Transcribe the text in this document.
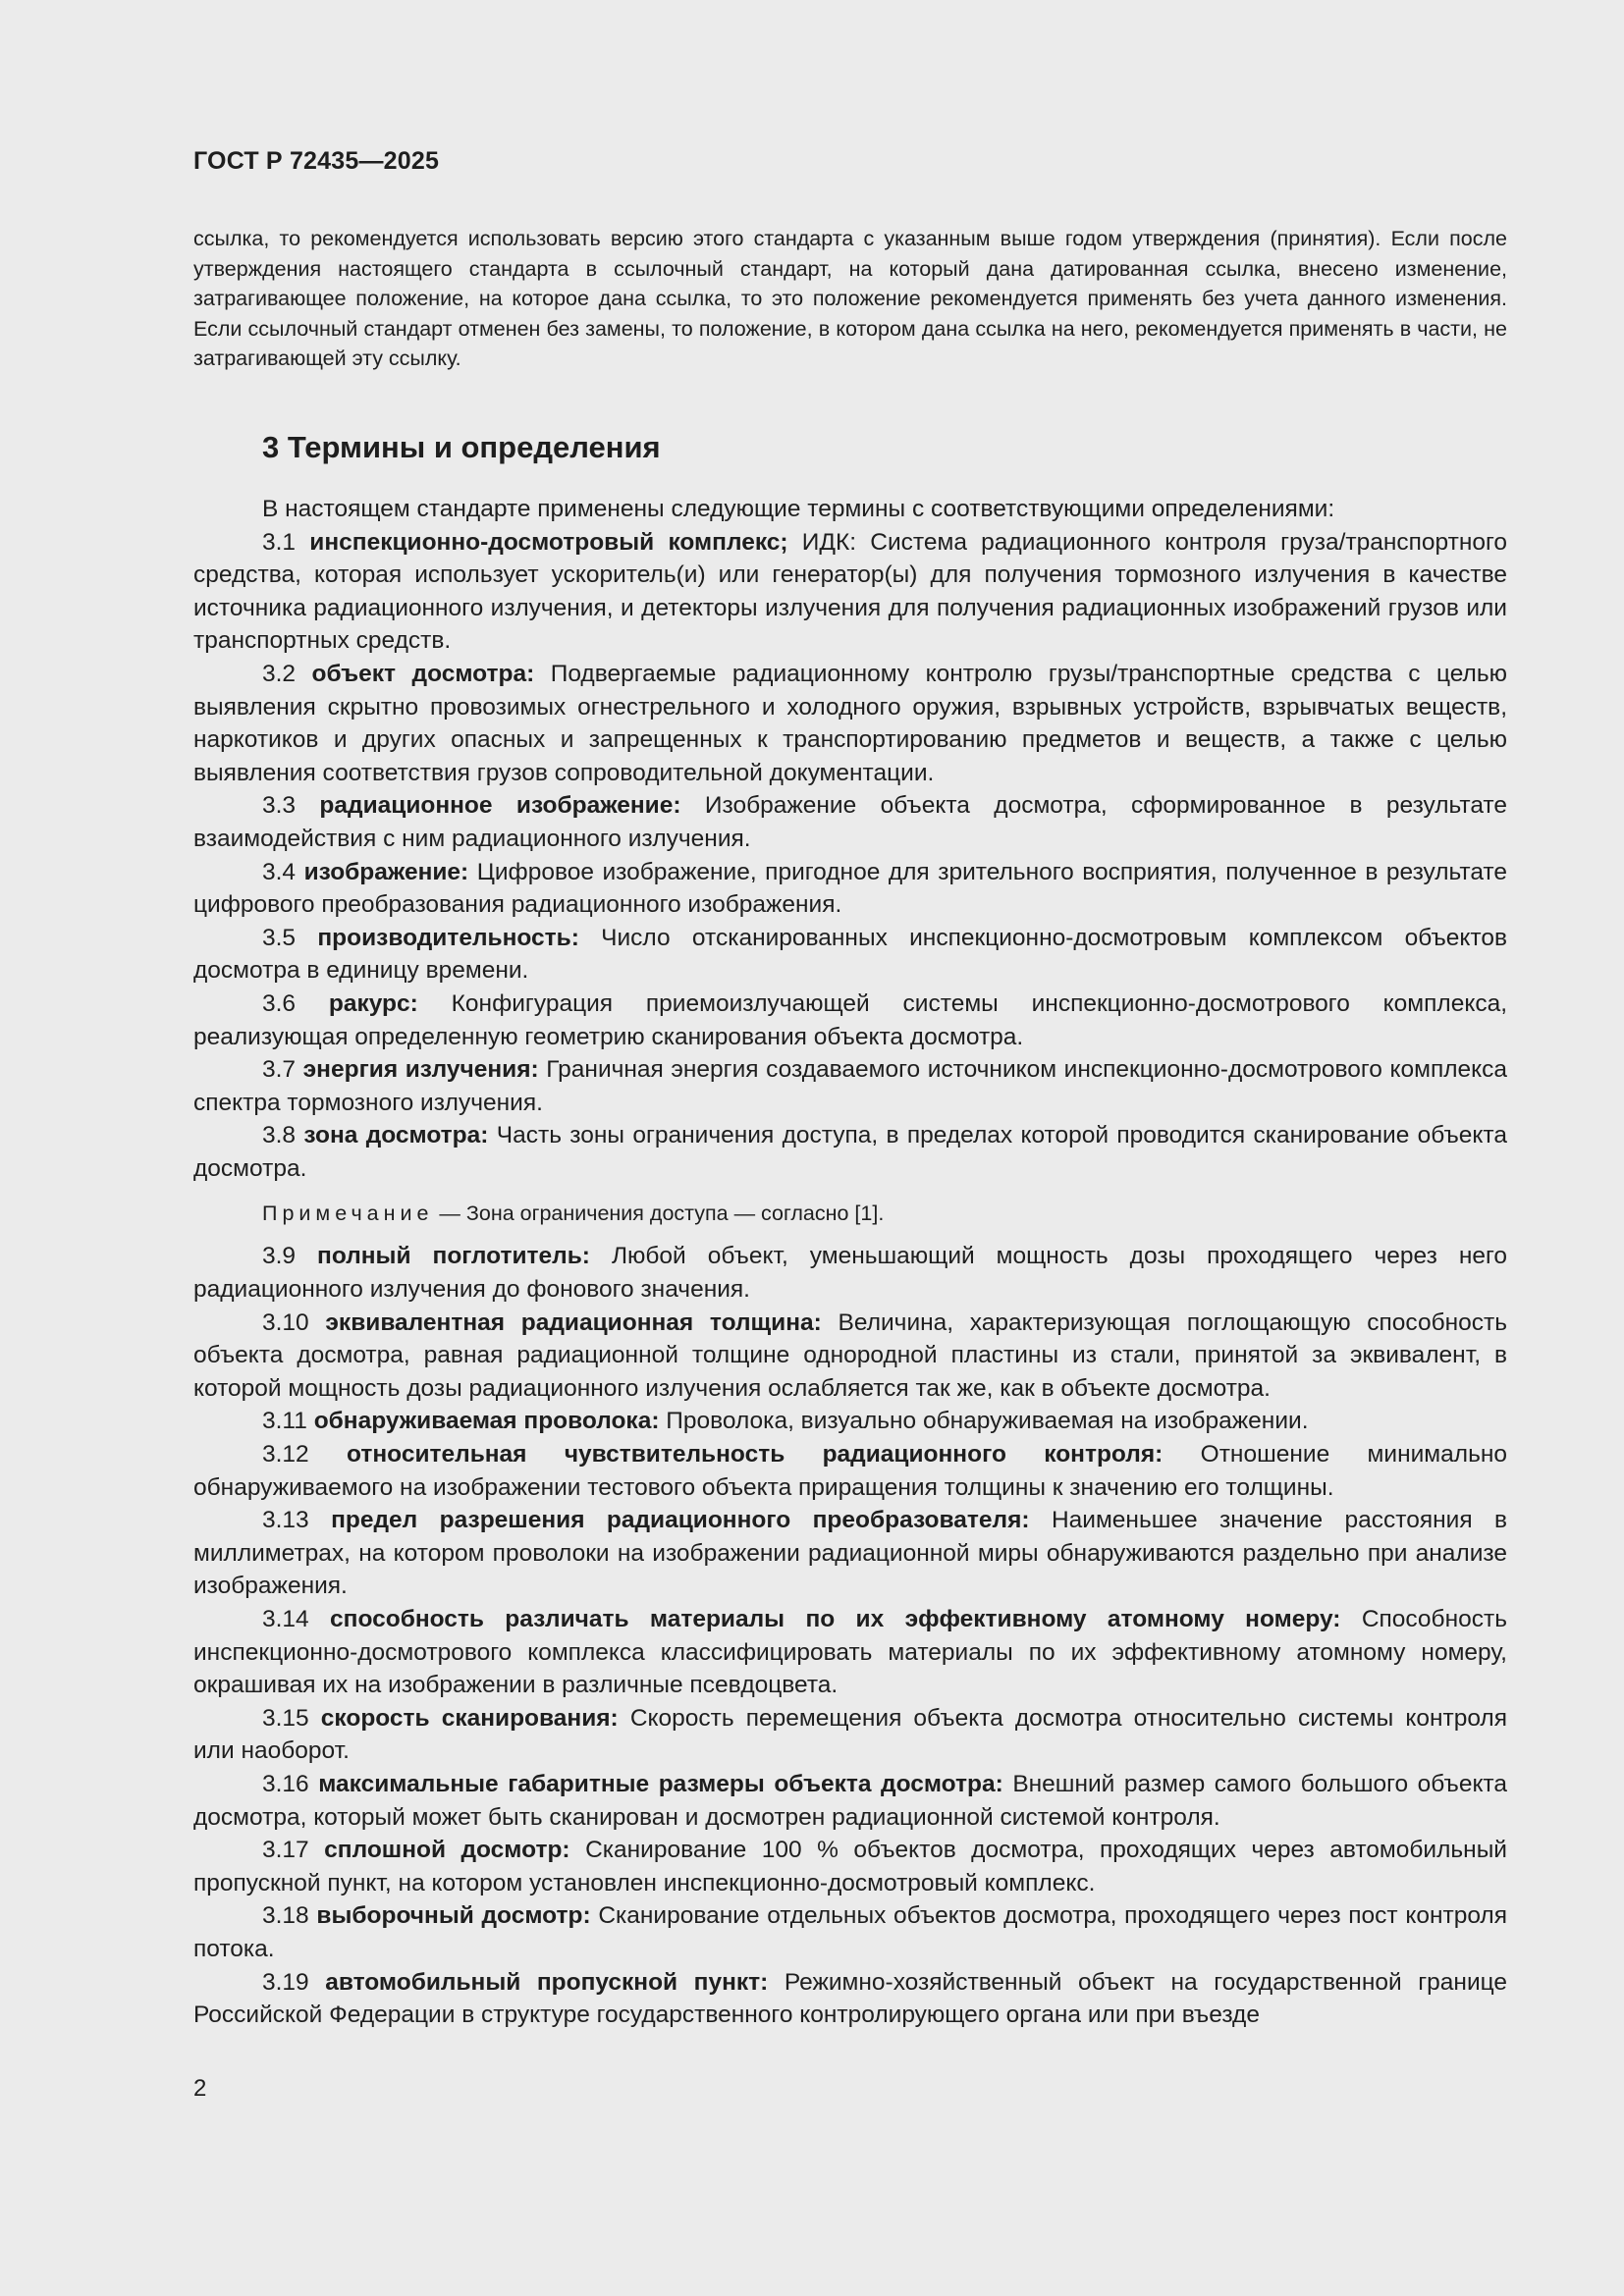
ГОСТ Р 72435—2025

ссылка, то рекомендуется использовать версию этого стандарта с указанным выше годом утверждения (принятия). Если после утверждения настоящего стандарта в ссылочный стандарт, на который дана датированная ссылка, внесено изменение, затрагивающее положение, на которое дана ссылка, то это положение рекомендуется применять без учета данного изменения. Если ссылочный стандарт отменен без замены, то положение, в котором дана ссылка на него, рекомендуется применять в части, не затрагивающей эту ссылку.

3 Термины и определения

В настоящем стандарте применены следующие термины с соответствующими определениями:

3.1 инспекционно-досмотровый комплекс; ИДК: Система радиационного контроля груза/транспортного средства, которая использует ускоритель(и) или генератор(ы) для получения тормозного излучения в качестве источника радиационного излучения, и детекторы излучения для получения радиационных изображений грузов или транспортных средств.

3.2 объект досмотра: Подвергаемые радиационному контролю грузы/транспортные средства с целью выявления скрытно провозимых огнестрельного и холодного оружия, взрывных устройств, взрывчатых веществ, наркотиков и других опасных и запрещенных к транспортированию предметов и веществ, а также с целью выявления соответствия грузов сопроводительной документации.

3.3 радиационное изображение: Изображение объекта досмотра, сформированное в результате взаимодействия с ним радиационного излучения.

3.4 изображение: Цифровое изображение, пригодное для зрительного восприятия, полученное в результате цифрового преобразования радиационного изображения.

3.5 производительность: Число отсканированных инспекционно-досмотровым комплексом объектов досмотра в единицу времени.

3.6 ракурс: Конфигурация приемоизлучающей системы инспекционно-досмотрового комплекса, реализующая определенную геометрию сканирования объекта досмотра.

3.7 энергия излучения: Граничная энергия создаваемого источником инспекционно-досмотрового комплекса спектра тормозного излучения.

3.8 зона досмотра: Часть зоны ограничения доступа, в пределах которой проводится сканирование объекта досмотра.

Примечание — Зона ограничения доступа — согласно [1].

3.9 полный поглотитель: Любой объект, уменьшающий мощность дозы проходящего через него радиационного излучения до фонового значения.

3.10 эквивалентная радиационная толщина: Величина, характеризующая поглощающую способность объекта досмотра, равная радиационной толщине однородной пластины из стали, принятой за эквивалент, в которой мощность дозы радиационного излучения ослабляется так же, как в объекте досмотра.

3.11 обнаруживаемая проволока: Проволока, визуально обнаруживаемая на изображении.

3.12 относительная чувствительность радиационного контроля: Отношение минимально обнаруживаемого на изображении тестового объекта приращения толщины к значению его толщины.

3.13 предел разрешения радиационного преобразователя: Наименьшее значение расстояния в миллиметрах, на котором проволоки на изображении радиационной миры обнаруживаются раздельно при анализе изображения.

3.14 способность различать материалы по их эффективному атомному номеру: Способность инспекционно-досмотрового комплекса классифицировать материалы по их эффективному атомному номеру, окрашивая их на изображении в различные псевдоцвета.

3.15 скорость сканирования: Скорость перемещения объекта досмотра относительно системы контроля или наоборот.

3.16 максимальные габаритные размеры объекта досмотра: Внешний размер самого большого объекта досмотра, который может быть сканирован и досмотрен радиационной системой контроля.

3.17 сплошной досмотр: Сканирование 100 % объектов досмотра, проходящих через автомобильный пропускной пункт, на котором установлен инспекционно-досмотровый комплекс.

3.18 выборочный досмотр: Сканирование отдельных объектов досмотра, проходящего через пост контроля потока.

3.19 автомобильный пропускной пункт: Режимно-хозяйственный объект на государственной границе Российской Федерации в структуре государственного контролирующего органа или при въезде

2
